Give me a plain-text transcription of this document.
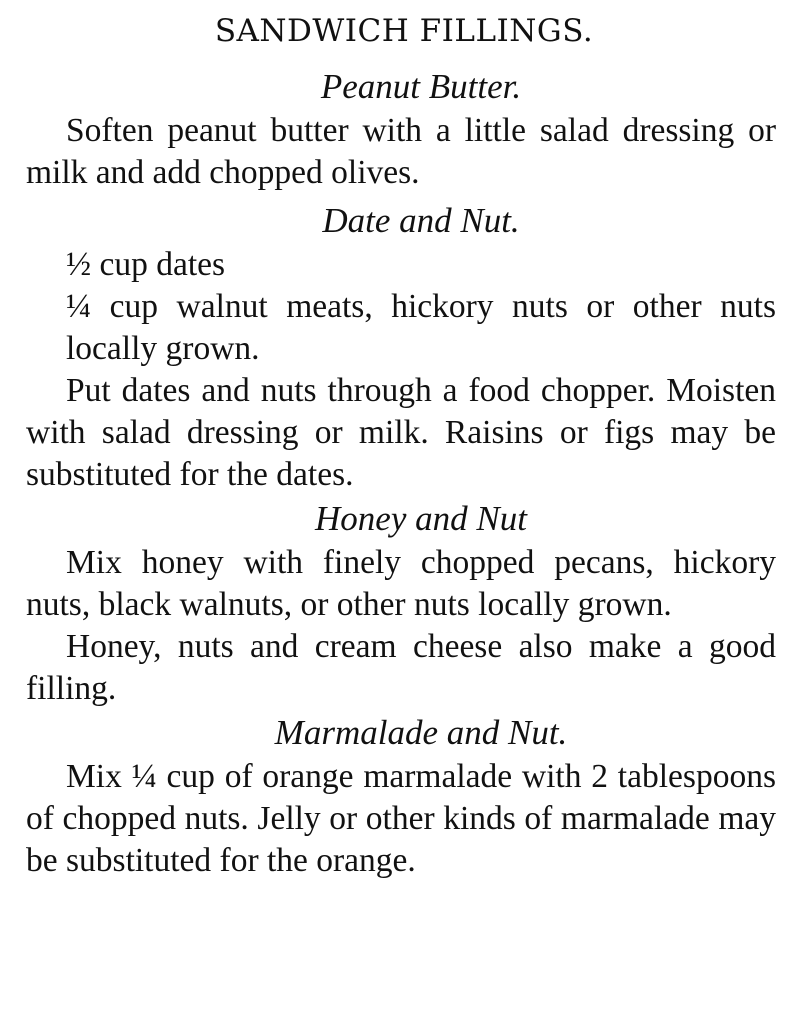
SANDWICH FILLINGS.
Peanut Butter.

Soften peanut butter with a little salad dressing or milk and add chopped olives.

Date and Nut.

½ cup dates

¼ cup walnut meats, hickory nuts or other nuts locally grown.

Put dates and nuts through a food chopper. Moisten with salad dressing or milk. Raisins or figs may be substituted for the dates.

Honey and Nut

Mix honey with finely chopped pecans, hickory nuts, black walnuts, or other nuts locally grown.

Honey, nuts and cream cheese also make a good filling.

Marmalade and Nut.

Mix ¼ cup of orange marmalade with 2 tablespoons of chopped nuts. Jelly or other kinds of marmalade may be substituted for the orange.
